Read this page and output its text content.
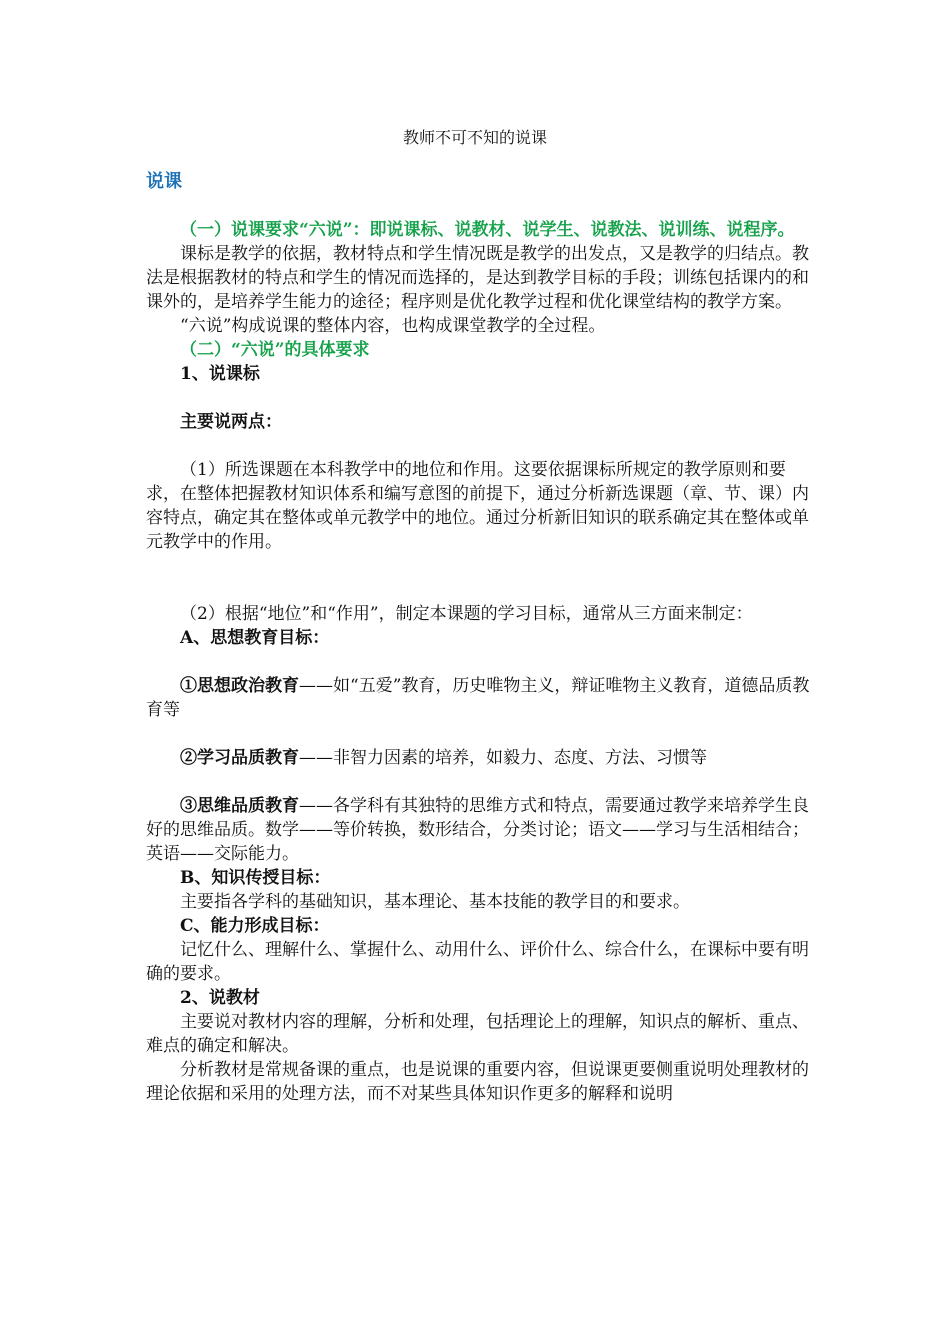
教师不可不知的说课

说课

（一）说课要求“六说”：即说课标、说教材、说学生、说教法、说训练、说程序。

课标是教学的依据，教材特点和学生情况既是教学的出发点，又是教学的归结点。教法是根据教材的特点和学生的情况而选择的，是达到教学目标的手段；训练包括课内的和课外的，是培养学生能力的途径；程序则是优化教学过程和优化课堂结构的教学方案。

“六说”构成说课的整体内容，也构成课堂教学的全过程。

（二）“六说”的具体要求

1、说课标

主要说两点：

（1）所选课题在本科教学中的地位和作用。这要依据课标所规定的教学原则和要求，在整体把握教材知识体系和编写意图的前提下，通过分析新选课题（章、节、课）内容特点，确定其在整体或单元教学中的地位。通过分析新旧知识的联系确定其在整体或单元教学中的作用。

（2）根据“地位”和“作用”，制定本课题的学习目标，通常从三方面来制定：

A、思想教育目标：

①思想政治教育——如“五爱”教育，历史唯物主义，辩证唯物主义教育，道德品质教育等

②学习品质教育——非智力因素的培养，如毅力、态度、方法、习惯等

③思维品质教育——各学科有其独特的思维方式和特点，需要通过教学来培养学生良好的思维品质。数学——等价转换，数形结合，分类讨论；语文——学习与生活相结合；英语——交际能力。

B、知识传授目标：

主要指各学科的基础知识，基本理论、基本技能的教学目的和要求。

C、能力形成目标：

记忆什么、理解什么、掌握什么、动用什么、评价什么、综合什么，在课标中要有明确的要求。

2、说教材

主要说对教材内容的理解，分析和处理，包括理论上的理解，知识点的解析、重点、难点的确定和解决。

分析教材是常规备课的重点，也是说课的重要内容，但说课更要侧重说明处理教材的理论依据和采用的处理方法，而不对某些具体知识作更多的解释和说明
